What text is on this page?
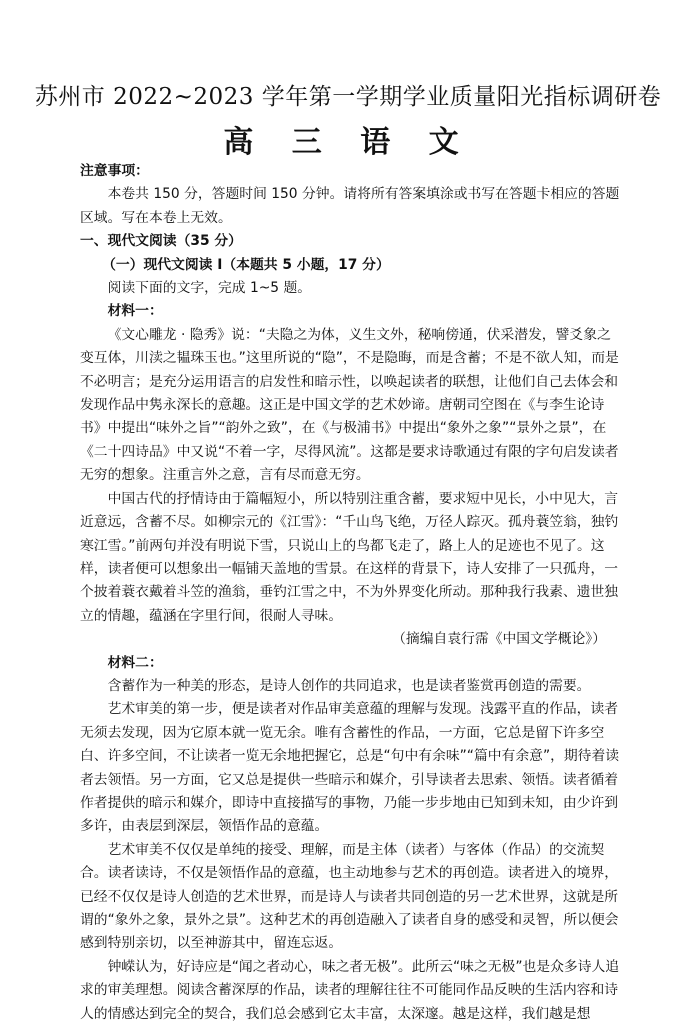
苏州市 2022~2023 学年第一学期学业质量阳光指标调研卷
高 三 语 文

注意事项：

本卷共 150 分，答题时间 150 分钟。请将所有答案填涂或书写在答题卡相应的答题区域。写在本卷上无效。

一、现代文阅读（35 分）

（一）现代文阅读 I（本题共 5 小题，17 分）

阅读下面的文字，完成 1~5 题。

材料一：

《文心雕龙 · 隐秀》说：“夫隐之为体，义生文外，秘响傍通，伏采潜发，譬爻象之变互体，川渎之韫珠玉也。”这里所说的“隐”，不是隐晦，而是含蓄；不是不欲人知，而是不必明言；是充分运用语言的启发性和暗示性，以唤起读者的联想，让他们自己去体会和发现作品中隽永深长的意趣。这正是中国文学的艺术妙谛。唐朝司空图在《与李生论诗书》中提出“味外之旨”“韵外之致”，在《与极浦书》中提出“象外之象”“景外之景”，在《二十四诗品》中又说“不着一字，尽得风流”。这都是要求诗歌通过有限的字句启发读者无穷的想象。注重言外之意，言有尽而意无穷。

中国古代的抒情诗由于篇幅短小，所以特别注重含蓄，要求短中见长，小中见大，言近意远，含蓄不尽。如柳宗元的《江雪》：“千山鸟飞绝，万径人踪灭。孤舟蓑笠翁，独钓寒江雪。”前两句并没有明说下雪，只说山上的鸟都飞走了，路上人的足迹也不见了。这样，读者便可以想象出一幅铺天盖地的雪景。在这样的背景下，诗人安排了一只孤舟，一个披着蓑衣戴着斗笠的渔翁，垂钓江雪之中，不为外界变化所动。那种我行我素、遗世独立的情趣，蕴涵在字里行间，很耐人寻味。

（摘编自袁行霈《中国文学概论》）

材料二：

含蓄作为一种美的形态，是诗人创作的共同追求，也是读者鉴赏再创造的需要。

艺术审美的第一步，便是读者对作品审美意蕴的理解与发现。浅露平直的作品，读者无须去发现，因为它原本就一览无余。唯有含蓄性的作品，一方面，它总是留下许多空白、许多空间，不让读者一览无余地把握它，总是“句中有余味”“篇中有余意”，期待着读者去领悟。另一方面，它又总是提供一些暗示和媒介，引导读者去思索、领悟。读者循着作者提供的暗示和媒介，即诗中直接描写的事物，乃能一步步地由已知到未知，由少许到多许，由表层到深层，领悟作品的意蕴。

艺术审美不仅仅是单纯的接受、理解，而是主体（读者）与客体（作品）的交流契合。读者读诗，不仅是领悟作品的意蕴，也主动地参与艺术的再创造。读者进入的境界，已经不仅仅是诗人创造的艺术世界，而是诗人与读者共同创造的另一艺术世界，这就是所谓的“象外之象，景外之景”。这种艺术的再创造融入了读者自身的感受和灵智，所以便会感到特别亲切，以至神游其中，留连忘返。

钟嵘认为，好诗应是“闻之者动心，味之者无极”。此所云“味之无极”也是众多诗人追求的审美理想。阅读含蓄深厚的作品，读者的理解往往不可能同作品反映的生活内容和诗人的情感达到完全的契合，我们总会感到它太丰富，太深邃。越是这样，我们越是想
